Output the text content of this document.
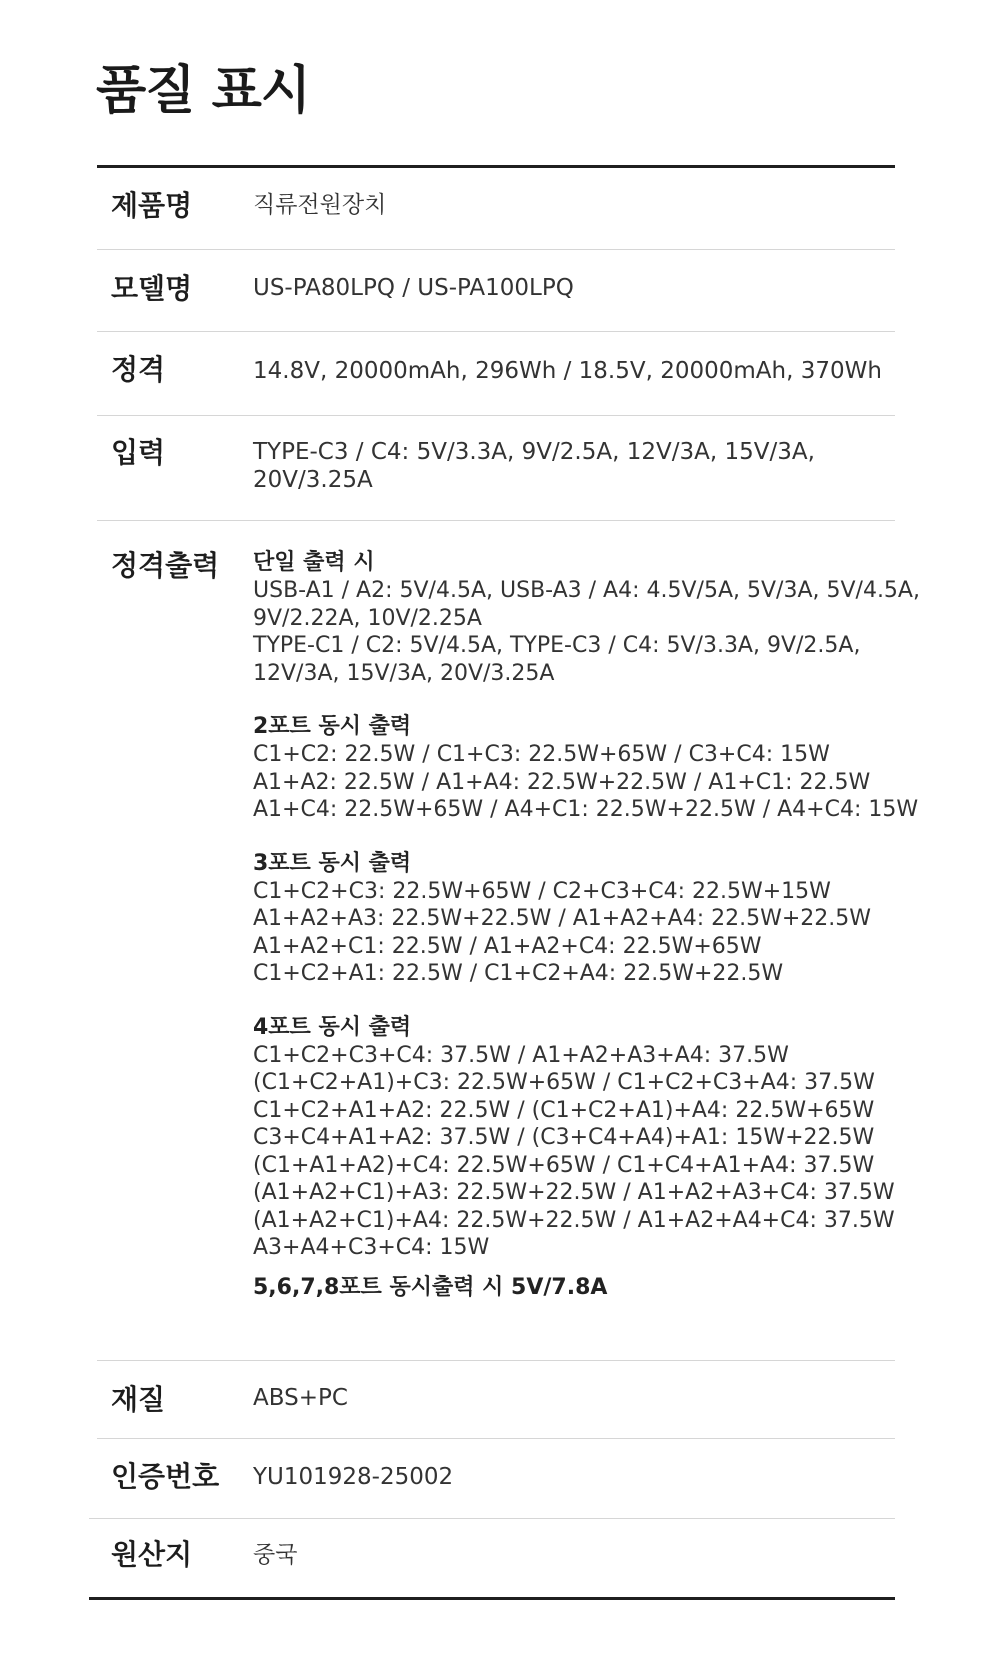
품질 표시
제품명	직류전원장치
모델명	US-PA80LPQ / US-PA100LPQ
정격	14.8V, 20000mAh, 296Wh / 18.5V, 20000mAh, 370Wh
입력	TYPE-C3 / C4: 5V/3.3A, 9V/2.5A, 12V/3A, 15V/3A, 20V/3.25A
정격출력 단일 출력 시
USB-A1 / A2: 5V/4.5A, USB-A3 / A4: 4.5V/5A, 5V/3A, 5V/4.5A,
9V/2.22A, 10V/2.25A
TYPE-C1 / C2: 5V/4.5A, TYPE-C3 / C4: 5V/3.3A, 9V/2.5A,
12V/3A, 15V/3A, 20V/3.25A
2포트 동시 출력
C1+C2: 22.5W / C1+C3: 22.5W+65W / C3+C4: 15W
A1+A2: 22.5W / A1+A4: 22.5W+22.5W / A1+C1: 22.5W
A1+C4: 22.5W+65W / A4+C1: 22.5W+22.5W / A4+C4: 15W
3포트 동시 출력
C1+C2+C3: 22.5W+65W / C2+C3+C4: 22.5W+15W
A1+A2+A3: 22.5W+22.5W / A1+A2+A4: 22.5W+22.5W
A1+A2+C1: 22.5W / A1+A2+C4: 22.5W+65W
C1+C2+A1: 22.5W / C1+C2+A4: 22.5W+22.5W
4포트 동시 출력
C1+C2+C3+C4: 37.5W / A1+A2+A3+A4: 37.5W
(C1+C2+A1)+C3: 22.5W+65W / C1+C2+C3+A4: 37.5W
C1+C2+A1+A2: 22.5W / (C1+C2+A1)+A4: 22.5W+65W
C3+C4+A1+A2: 37.5W / (C3+C4+A4)+A1: 15W+22.5W
(C1+A1+A2)+C4: 22.5W+65W / C1+C4+A1+A4: 37.5W
(A1+A2+C1)+A3: 22.5W+22.5W / A1+A2+A3+C4: 37.5W
(A1+A2+C1)+A4: 22.5W+22.5W / A1+A2+A4+C4: 37.5W
A3+A4+C3+C4: 15W
5,6,7,8포트 동시출력 시 5V/7.8A
재질	ABS+PC
인증번호 YU101928-25002
원산지	중국
